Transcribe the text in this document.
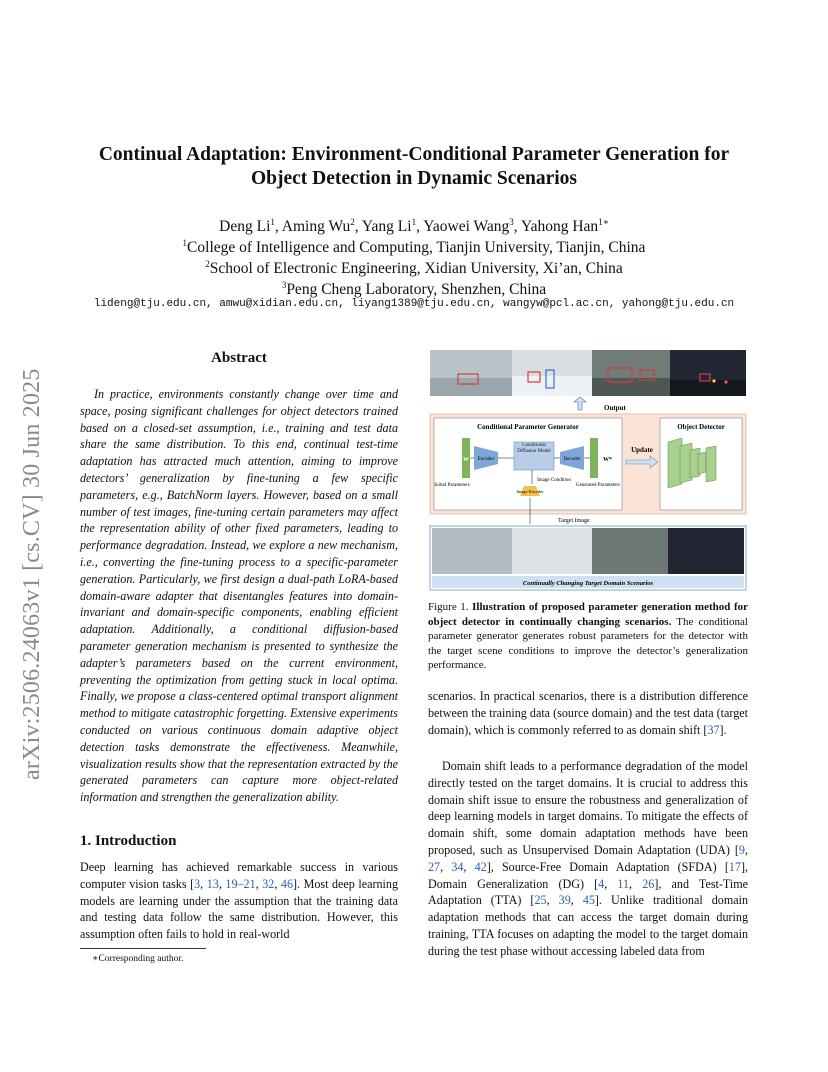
arXiv:2506.24063v1 [cs.CV] 30 Jun 2025
Continual Adaptation: Environment-Conditional Parameter Generation for
Object Detection in Dynamic Scenarios
Deng Li$^1$, Aming Wu$^2$, Yang Li$^1$, Yaowei Wang$^3$, Yahong Han$^{1∗}$
$^1$College of Intelligence and Computing, Tianjin University, Tianjin, China
$^2$School of Electronic Engineering, Xidian University, Xi’an, China
$^3$Peng Cheng Laboratory, Shenzhen, China
lideng@tju.edu.cn, amwu@xidian.edu.cn, liyang1389@tju.edu.cn, wangyw@pcl.ac.cn, yahong@tju.edu.cn
Abstract
In practice, environments constantly change over time and space, posing significant challenges for object detectors trained based on a closed-set assumption, i.e., training and test data share the same distribution. To this end, continual test-time adaptation has attracted much attention, aiming to improve detectors’ generalization by fine-tuning a few specific parameters, e.g., BatchNorm layers. However, based on a small number of test images, fine-tuning certain parameters may affect the representation ability of other fixed parameters, leading to performance degradation. Instead, we explore a new mechanism, i.e., converting the fine-tuning process to a specific-parameter generation. Particularly, we first design a dual-path LoRA-based domain-aware adapter that disentangles features into domain-invariant and domain-specific components, enabling efficient adaptation. Additionally, a conditional diffusion-based parameter generation mechanism is presented to synthesize the adapter’s parameters based on the current environment, preventing the optimization from getting stuck in local optima. Finally, we propose a class-centered optimal transport alignment method to mitigate catastrophic forgetting. Extensive experiments conducted on various continuous domain adaptive object detection tasks demonstrate the effectiveness. Meanwhile, visualization results show that the representation extracted by the generated parameters can capture more object-related information and strengthen the generalization ability.
1. Introduction
Deep learning has achieved remarkable success in various computer vision tasks [3, 13, 19–21, 32, 46]. Most deep learning models are learning under the assumption that the training data and testing data follow the same distribution. However, this assumption often fails to hold in real-world
∗Corresponding author.
Output
Conditional Parameter Generator
W Encoder
Conditional Diffusion Model
Decoder	W*
Initial Parameters
Image Condition
Generated Parameters
Image Encoder
Update
Object Detector
Target Image
Continually Changing Target Domain Scenarios
Figure 1. Illustration of proposed parameter generation method for object detector in continually changing scenarios. The conditional parameter generator generates robust parameters for the detector with the target scene conditions to improve the detector’s generalization performance.
scenarios. In practical scenarios, there is a distribution difference between the training data (source domain) and the test data (target domain), which is commonly referred to as domain shift [37].
Domain shift leads to a performance degradation of the model directly tested on the target domains. It is crucial to address this domain shift issue to ensure the robustness and generalization of deep learning models in target domains. To mitigate the effects of domain shift, some domain adaptation methods have been proposed, such as Unsupervised Domain Adaptation (UDA) [9, 27, 34, 42], Source-Free Domain Adaptation (SFDA) [17], Domain Generalization (DG) [4, 11, 26], and Test-Time Adaptation (TTA) [25, 39, 45]. Unlike traditional domain adaptation methods that can access the target domain during training, TTA focuses on adapting the model to the target domain during the test phase without accessing labeled data from
